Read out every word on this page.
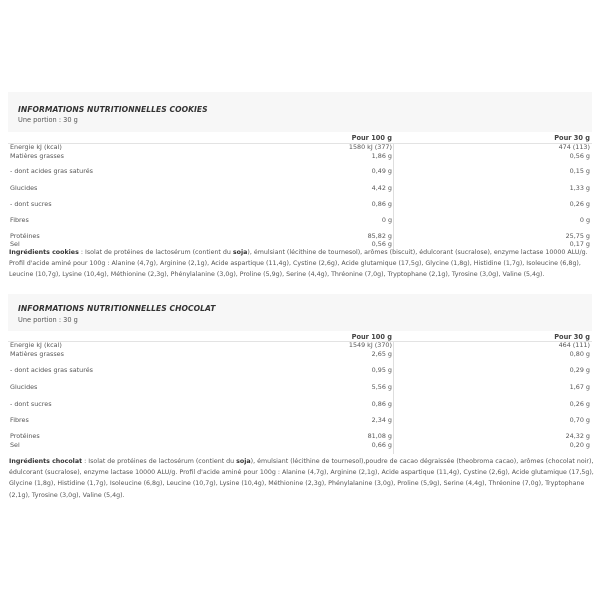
INFORMATIONS NUTRITIONNELLES COOKIES
Une portion : 30 g
Pour 100 g	Pour 30 g
Energie kJ (kcal)	1580 kJ (377)	474 (113)
Matières grasses	1,86 g	0,56 g
- dont acides gras saturés	0,49 g	0,15 g
Glucides	4,42 g	1,33 g
- dont sucres	0,86 g	0,26 g
Fibres	0 g	0 g
Protéines	85,82 g	25,75 g
Sel	0,56 g	0,17 g
Ingrédients cookies : Isolat de protéines de lactosérum (contient du soja), émulsiant (lécithine de tournesol), arômes (biscuit), édulcorant (sucralose), enzyme lactase 10000 ALU/g. Profil d'acide aminé pour 100g : Alanine (4,7g), Arginine (2,1g), Acide aspartique (11,4g), Cystine (2,6g), Acide glutamique (17,5g), Glycine (1,8g), Histidine (1,7g), Isoleucine (6,8g), Leucine (10,7g), Lysine (10,4g), Méthionine (2,3g), Phénylalanine (3,0g), Proline (5,9g), Serine (4,4g), Thréonine (7,0g), Tryptophane (2,1g), Tyrosine (3,0g), Valine (5,4g).
INFORMATIONS NUTRITIONNELLES CHOCOLAT
Une portion : 30 g
Pour 100 g	Pour 30 g
Energie kJ (kcal)	1549 kJ (370)	464 (111)
Matières grasses	2,65 g	0,80 g
- dont acides gras saturés	0,95 g	0,29 g
Glucides	5,56 g	1,67 g
- dont sucres	0,86 g	0,26 g
Fibres	2,34 g	0,70 g
Protéines	81,08 g	24,32 g
Sel	0,66 g	0,20 g
Ingrédients chocolat : Isolat de protéines de lactosérum (contient du soja), émulsiant (lécithine de tournesol),poudre de cacao dégraissée (theobroma cacao), arômes (chocolat noir), édulcorant (sucralose), enzyme lactase 10000 ALU/g. Profil d'acide aminé pour 100g : Alanine (4,7g), Arginine (2,1g), Acide aspartique (11,4g), Cystine (2,6g), Acide glutamique (17,5g), Glycine (1,8g), Histidine (1,7g), Isoleucine (6,8g), Leucine (10,7g), Lysine (10,4g), Méthionine (2,3g), Phénylalanine (3,0g), Proline (5,9g), Serine (4,4g), Thréonine (7,0g), Tryptophane (2,1g), Tyrosine (3,0g), Valine (5,4g).
